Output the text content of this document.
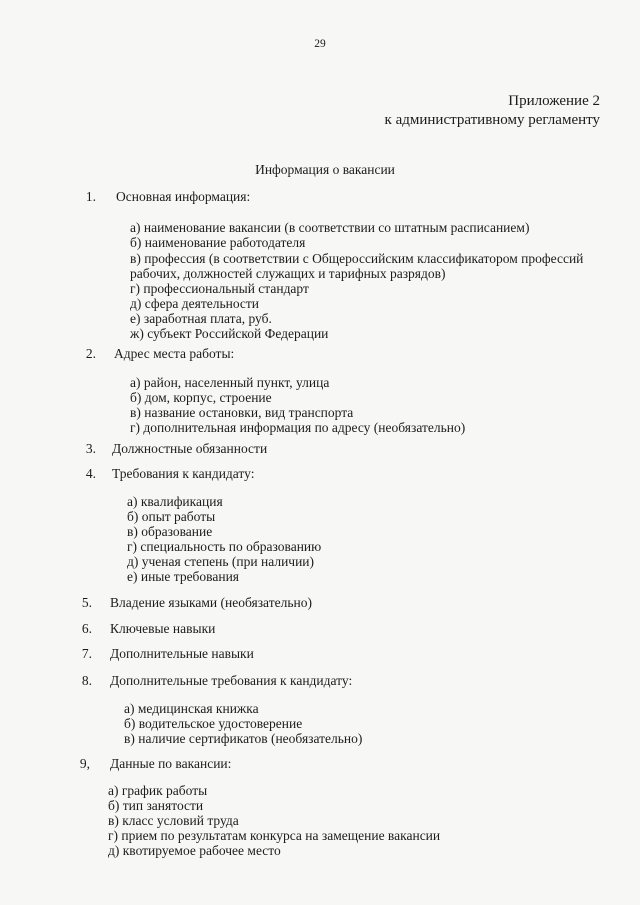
29
Приложение 2
к административному регламенту
Информация о вакансии
1. Основная информация:
а) наименование вакансии (в соответствии со штатным расписанием)
б) наименование работодателя
в) профессия (в соответствии с Общероссийским классификатором профессий
рабочих, должностей служащих и тарифных разрядов)
г) профессиональный стандарт
д) сфера деятельности
е) заработная плата, руб.
ж) субъект Российской Федерации
2. Адрес места работы:
а) район, населенный пункт, улица
б) дом, корпус, строение
в) название остановки, вид транспорта
г) дополнительная информация по адресу (необязательно)
3. Должностные обязанности
4. Требования к кандидату:
а) квалификация
б) опыт работы
в) образование
г) специальность по образованию
д) ученая степень (при наличии)
е) иные требования
5. Владение языками (необязательно)
6. Ключевые навыки
7. Дополнительные навыки
8. Дополнительные требования к кандидату:
а) медицинская книжка
б) водительское удостоверение
в) наличие сертификатов (необязательно)
9, Данные по вакансии:
а) график работы
б) тип занятости
в) класс условий труда
г) прием по результатам конкурса на замещение вакансии
д) квотируемое рабочее место
